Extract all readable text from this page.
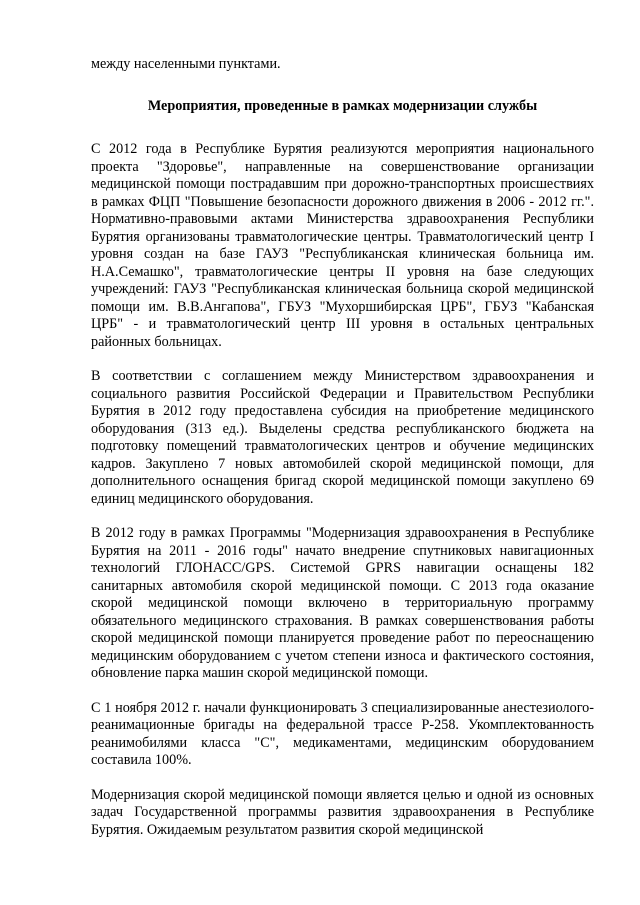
между населенными пунктами.

Мероприятия, проведенные в рамках модернизации службы

С 2012 года в Республике Бурятия реализуются мероприятия национального проекта "Здоровье", направленные на совершенствование организации медицинской помощи пострадавшим при дорожно-транспортных происшествиях в рамках ФЦП "Повышение безопасности дорожного движения в 2006 - 2012 гг.". Нормативно-правовыми актами Министерства здравоохранения Республики Бурятия организованы травматологические центры. Травматологический центр I уровня создан на базе ГАУЗ "Республиканская клиническая больница им. Н.А.Семашко", травматологические центры II уровня на базе следующих учреждений: ГАУЗ "Республиканская клиническая больница скорой медицинской помощи им. В.В.Ангапова", ГБУЗ "Мухоршибирская ЦРБ", ГБУЗ "Кабанская ЦРБ" - и травматологический центр III уровня в остальных центральных районных больницах.

В соответствии с соглашением между Министерством здравоохранения и социального развития Российской Федерации и Правительством Республики Бурятия в 2012 году предоставлена субсидия на приобретение медицинского оборудования (313 ед.). Выделены средства республиканского бюджета на подготовку помещений травматологических центров и обучение медицинских кадров. Закуплено 7 новых автомобилей скорой медицинской помощи, для дополнительного оснащения бригад скорой медицинской помощи закуплено 69 единиц медицинского оборудования.

В 2012 году в рамках Программы "Модернизация здравоохранения в Республике Бурятия на 2011 - 2016 годы" начато внедрение спутниковых навигационных технологий ГЛОНАСС/GPS. Системой GPRS навигации оснащены 182 санитарных автомобиля скорой медицинской помощи. С 2013 года оказание скорой медицинской помощи включено в территориальную программу обязательного медицинского страхования. В рамках совершенствования работы скорой медицинской помощи планируется проведение работ по переоснащению медицинским оборудованием с учетом степени износа и фактического состояния, обновление парка машин скорой медицинской помощи.

С 1 ноября 2012 г. начали функционировать 3 специализированные анестезиолого-реанимационные бригады на федеральной трассе Р-258. Укомплектованность реанимобилями класса "С", медикаментами, медицинским оборудованием составила 100%.

Модернизация скорой медицинской помощи является целью и одной из основных задач Государственной программы развития здравоохранения в Республике Бурятия. Ожидаемым результатом развития скорой медицинской
